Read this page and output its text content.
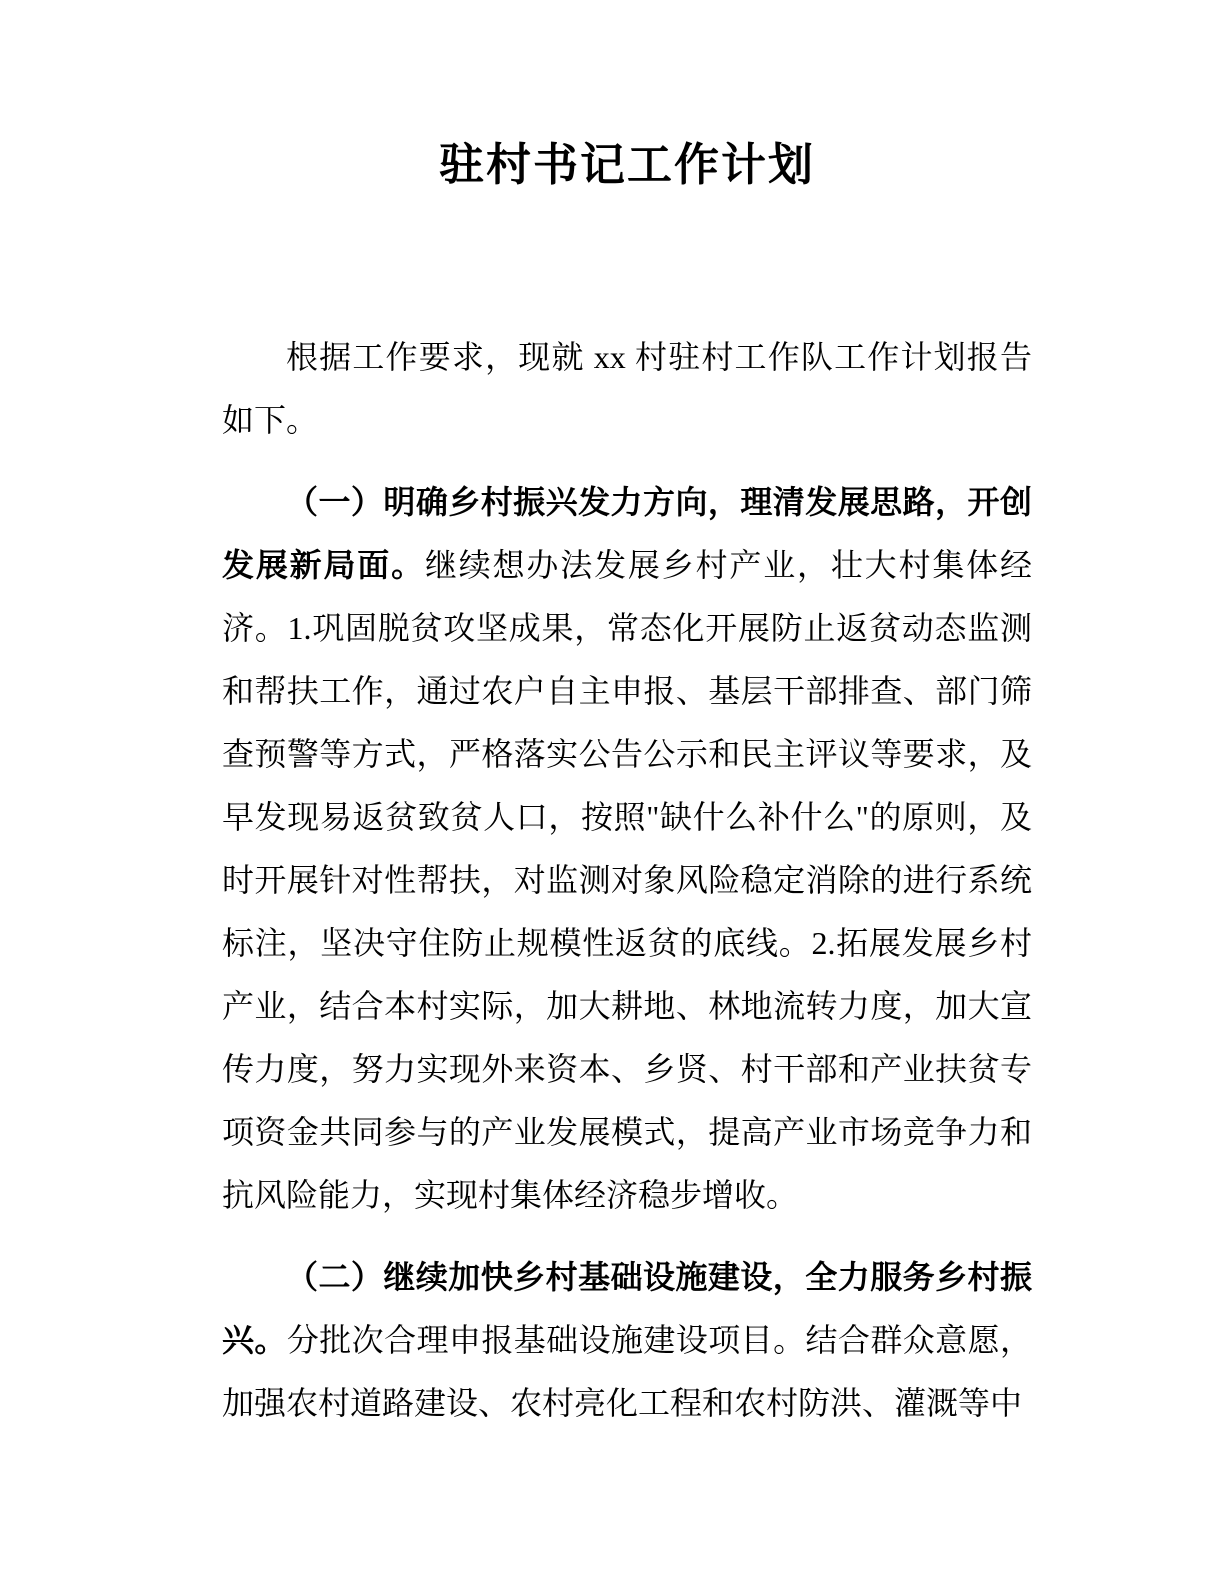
驻村书记工作计划

根据工作要求，现就 xx 村驻村工作队工作计划报告如下。

（一）明确乡村振兴发力方向，理清发展思路，开创发展新局面。继续想办法发展乡村产业，壮大村集体经济。1.巩固脱贫攻坚成果，常态化开展防止返贫动态监测和帮扶工作，通过农户自主申报、基层干部排查、部门筛查预警等方式，严格落实公告公示和民主评议等要求，及早发现易返贫致贫人口，按照"缺什么补什么"的原则，及时开展针对性帮扶，对监测对象风险稳定消除的进行系统标注，坚决守住防止规模性返贫的底线。2.拓展发展乡村产业，结合本村实际，加大耕地、林地流转力度，加大宣传力度，努力实现外来资本、乡贤、村干部和产业扶贫专项资金共同参与的产业发展模式，提高产业市场竞争力和抗风险能力，实现村集体经济稳步增收。

（二）继续加快乡村基础设施建设，全力服务乡村振兴。分批次合理申报基础设施建设项目。结合群众意愿，加强农村道路建设、农村亮化工程和农村防洪、灌溉等中
